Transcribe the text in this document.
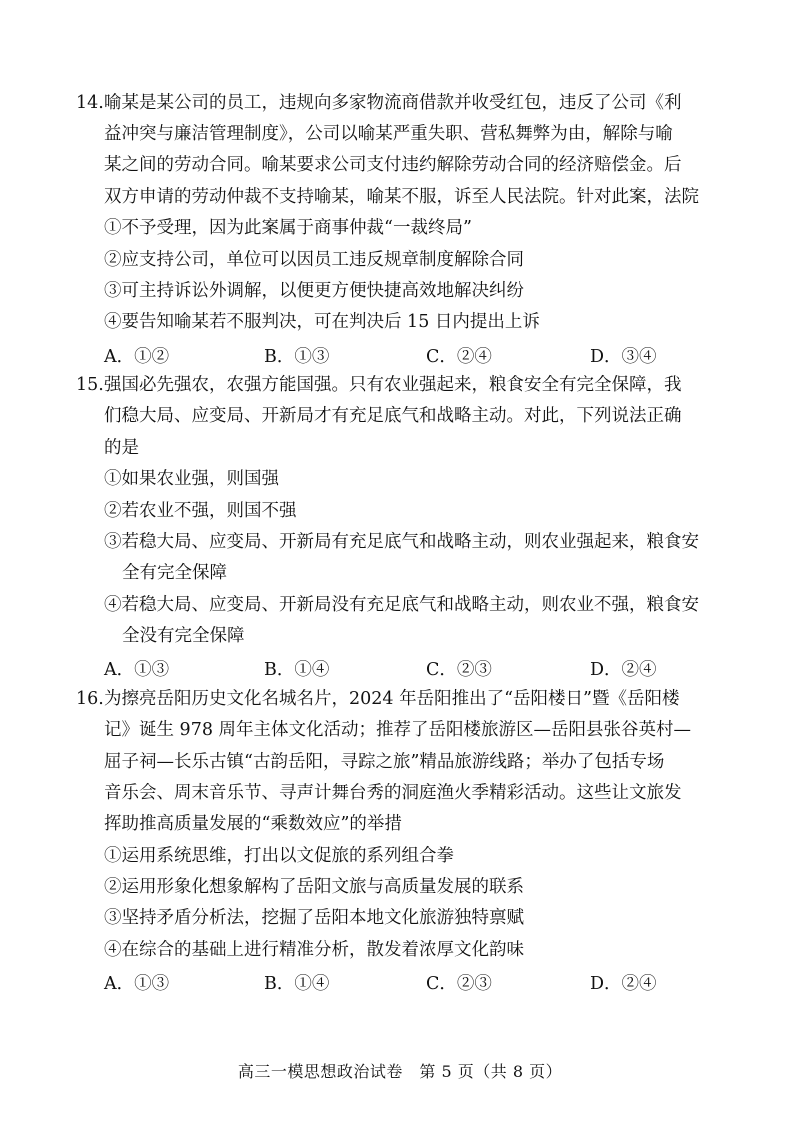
14. 喻某是某公司的员工，违规向多家物流商借款并收受红包，违反了公司《利
益冲突与廉洁管理制度》，公司以喻某严重失职、营私舞弊为由，解除与喻
某之间的劳动合同。喻某要求公司支付违约解除劳动合同的经济赔偿金。后
双方申请的劳动仲裁不支持喻某，喻某不服，诉至人民法院。针对此案，法院
①不予受理，因为此案属于商事仲裁“一裁终局”
②应支持公司，单位可以因员工违反规章制度解除合同
③可主持诉讼外调解，以便更方便快捷高效地解决纠纷
④要告知喻某若不服判决，可在判决后 15 日内提出上诉
A．①②	B．①③	C．②④	D．③④
15. 强国必先强农，农强方能国强。只有农业强起来，粮食安全有完全保障，我
们稳大局、应变局、开新局才有充足底气和战略主动。对此，下列说法正确
的是
①如果农业强，则国强
②若农业不强，则国不强
③若稳大局、应变局、开新局有充足底气和战略主动，则农业强起来，粮食安
全有完全保障
④若稳大局、应变局、开新局没有充足底气和战略主动，则农业不强，粮食安
全没有完全保障
A．①③	B．①④	C．②③	D．②④
16. 为擦亮岳阳历史文化名城名片，2024 年岳阳推出了“岳阳楼日”暨《岳阳楼
记》诞生 978 周年主体文化活动；推荐了岳阳楼旅游区—岳阳县张谷英村—
屈子祠—长乐古镇“古韵岳阳，寻踪之旅”精品旅游线路；举办了包括专场
音乐会、周末音乐节、寻声计舞台秀的洞庭渔火季精彩活动。这些让文旅发
挥助推高质量发展的“乘数效应”的举措
①运用系统思维，打出以文促旅的系列组合拳
②运用形象化想象解构了岳阳文旅与高质量发展的联系
③坚持矛盾分析法，挖掘了岳阳本地文化旅游独特禀赋
④在综合的基础上进行精准分析，散发着浓厚文化韵味
A．①③	B．①④	C．②③	D．②④
高三一模思想政治试卷　第 5 页（共 8 页）
